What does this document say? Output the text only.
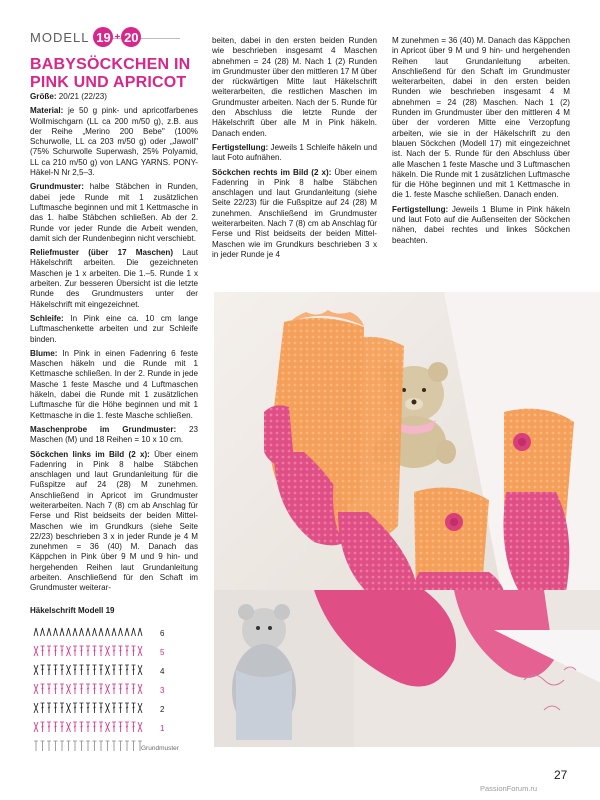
MODELL 19 + 20
BABYSÖCKCHEN IN PINK UND APRICOT

Größe: 20/21 (22/23)

Material: je 50 g pink- und apricotfarbenes Wollmischgarn (LL ca 200 m/50 g), z.B. aus der Reihe „Merino 200 Bebe" (100% Schurwolle, LL ca 203 m/50 g) oder „Jawoll" (75% Schurwolle Superwash, 25% Polyamid, LL ca 210 m/50 g) von LANG YARNS. PONY-Häkel-N Nr 2,5–3.

Grundmuster: halbe Stäbchen in Runden, dabei jede Runde mit 1 zusätzlichen Luftmasche beginnen und mit 1 Kettmasche in das 1. halbe Stäbchen schließen. Ab der 2. Runde vor jeder Runde die Arbeit wenden, damit sich der Rundenbeginn nicht verschiebt.

Reliefmuster (über 17 Maschen) Laut Häkelschrift arbeiten. Die gezeichneten Maschen je 1 x arbeiten. Die 1.–5. Runde 1 x arbeiten. Zur besseren Übersicht ist die letzte Runde des Grundmusters unter der Häkelschrift mit eingezeichnet.

Schleife: In Pink eine ca. 10 cm lange Luftmaschenkette arbeiten und zur Schleife binden.

Blume: In Pink in einen Fadenring 6 feste Maschen häkeln und die Runde mit 1 Kettmasche schließen. In der 2. Runde in jede Masche 1 feste Masche und 4 Luftmaschen häkeln, dabei die Runde mit 1 zusätzlichen Luftmasche für die Höhe beginnen und mit 1 Kettmasche in die 1. feste Masche schließen.

Maschenprobe im Grundmuster: 23 Maschen (M) und 18 Reihen = 10 x 10 cm.

Söckchen links im Bild (2 x): Über einem Fadenring in Pink 8 halbe Stäbchen anschlagen und laut Grundanleitung für die Fußspitze auf 24 (28) M zunehmen. Anschließend in Apricot im Grundmuster weiterarbeiten. Nach 7 (8) cm ab Anschlag für Ferse und Rist beidseits der beiden Mittel-Maschen wie im Grundkurs (siehe Seite 22/23) beschrieben 3 x in jeder Runde je 4 M zunehmen = 36 (40) M. Danach das Käppchen in Pink über 9 M und 9 hin- und hergehenden Reihen laut Grundanleitung arbeiten. Anschließend für den Schaft im Grundmuster weiterar-

beiten, dabei in den ersten beiden Runden wie beschrieben insgesamt 4 Maschen abnehmen = 24 (28) M. Nach 1 (2) Runden im Grundmuster über den mittleren 17 M über der rückwärtigen Mitte laut Häkelschrift weiterarbeiten, die restlichen Maschen im Grundmuster arbeiten. Nach der 5. Runde für den Abschluss die letzte Runde der Häkelschrift über alle M in Pink häkeln. Danach enden.

Fertigstellung: Jeweils 1 Schleife häkeln und laut Foto aufnähen.

Söckchen rechts im Bild (2 x): Über einem Fadenring in Pink 8 halbe Stäbchen anschlagen und laut Grundanleitung (siehe Seite 22/23) für die Fußspitze auf 24 (28) M zunehmen. Anschließend im Grundmuster weiterarbeiten. Nach 7 (8) cm ab Anschlag für Ferse und Rist beidseits der beiden Mittel-Maschen wie im Grundkurs beschrieben 3 x in jeder Runde je 4

M zunehmen = 36 (40) M. Danach das Käppchen in Apricot über 9 M und 9 hin- und hergehenden Reihen laut Grundanleitung arbeiten. Anschließend für den Schaft im Grundmuster weiterarbeiten, dabei in den ersten beiden Runden wie beschrieben insgesamt 4 M abnehmen = 24 (28) Maschen. Nach 1 (2) Runden im Grundmuster über den mittleren 4 M über der vorderen Mitte eine Verzopfung arbeiten, wie sie in der Häkelschrift zu den blauen Söckchen (Modell 17) mit eingezeichnet ist. Nach der 5. Runde für den Abschluss über alle Maschen 1 feste Masche und 3 Luftmaschen häkeln. Die Runde mit 1 zusätzlichen Luftmasche für die Höhe beginnen und mit 1 Kettmasche in die 1. feste Masche schließen. Danach enden.

Fertigstellung: Jeweils 1 Blume in Pink häkeln und laut Foto auf die Außenseiten der Söckchen nähen, dabei rechtes und linkes Söckchen beachten.

Häkelschrift Modell 19
6
5
4
3
2
1
Grundmuster
27
PassionForum.ru
